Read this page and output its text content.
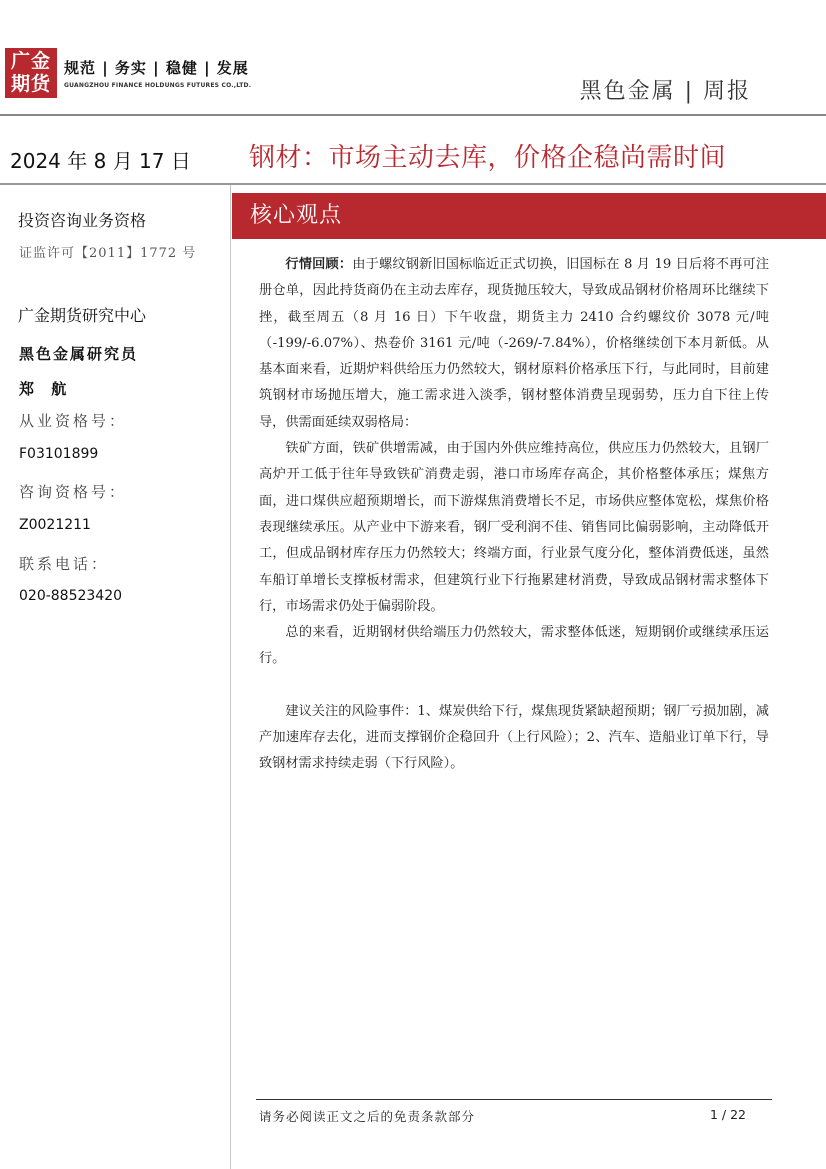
广金
期货
规范 | 务实 | 稳健 | 发展
GUANGZHOU FINANCE HOLDUNGS FUTURES CO.,LTD.	黑色金属 | 周报
2024 年 8 月 17 日 钢材：市场主动去库，价格企稳尚需时间
投资咨询业务资格
证监许可【2011】1772 号
广金期货研究中心
黑色金属研究员
郑 航
从业资格号：
F03101899
咨询资格号：
Z0021211
联系电话：
020-88523420
核心观点

行情回顾：由于螺纹钢新旧国标临近正式切换，旧国标在 8 月 19 日后将不再可注册仓单，因此持货商仍在主动去库存，现货抛压较大，导致成品钢材价格周环比继续下挫，截至周五（8 月 16 日）下午收盘，期货主力 2410 合约螺纹价 3078 元/吨（-199/-6.07%）、热卷价 3161 元/吨（-269/-7.84%），价格继续创下本月新低。从基本面来看，近期炉料供给压力仍然较大，钢材原料价格承压下行，与此同时，目前建筑钢材市场抛压增大，施工需求进入淡季，钢材整体消费呈现弱势，压力自下往上传导，供需面延续双弱格局：

铁矿方面，铁矿供增需减，由于国内外供应维持高位，供应压力仍然较大，且钢厂高炉开工低于往年导致铁矿消费走弱，港口市场库存高企，其价格整体承压；煤焦方面，进口煤供应超预期增长，而下游煤焦消费增长不足，市场供应整体宽松，煤焦价格表现继续承压。从产业中下游来看，钢厂受利润不佳、销售同比偏弱影响，主动降低开工，但成品钢材库存压力仍然较大；终端方面，行业景气度分化，整体消费低迷，虽然车船订单增长支撑板材需求，但建筑行业下行拖累建材消费，导致成品钢材需求整体下行，市场需求仍处于偏弱阶段。

总的来看，近期钢材供给端压力仍然较大，需求整体低迷，短期钢价或继续承压运行。

建议关注的风险事件：1、煤炭供给下行，煤焦现货紧缺超预期；钢厂亏损加剧，减产加速库存去化，进而支撑钢价企稳回升（上行风险）；2、汽车、造船业订单下行，导致钢材需求持续走弱（下行风险）。

请务必阅读正文之后的免责条款部分	1 / 22
